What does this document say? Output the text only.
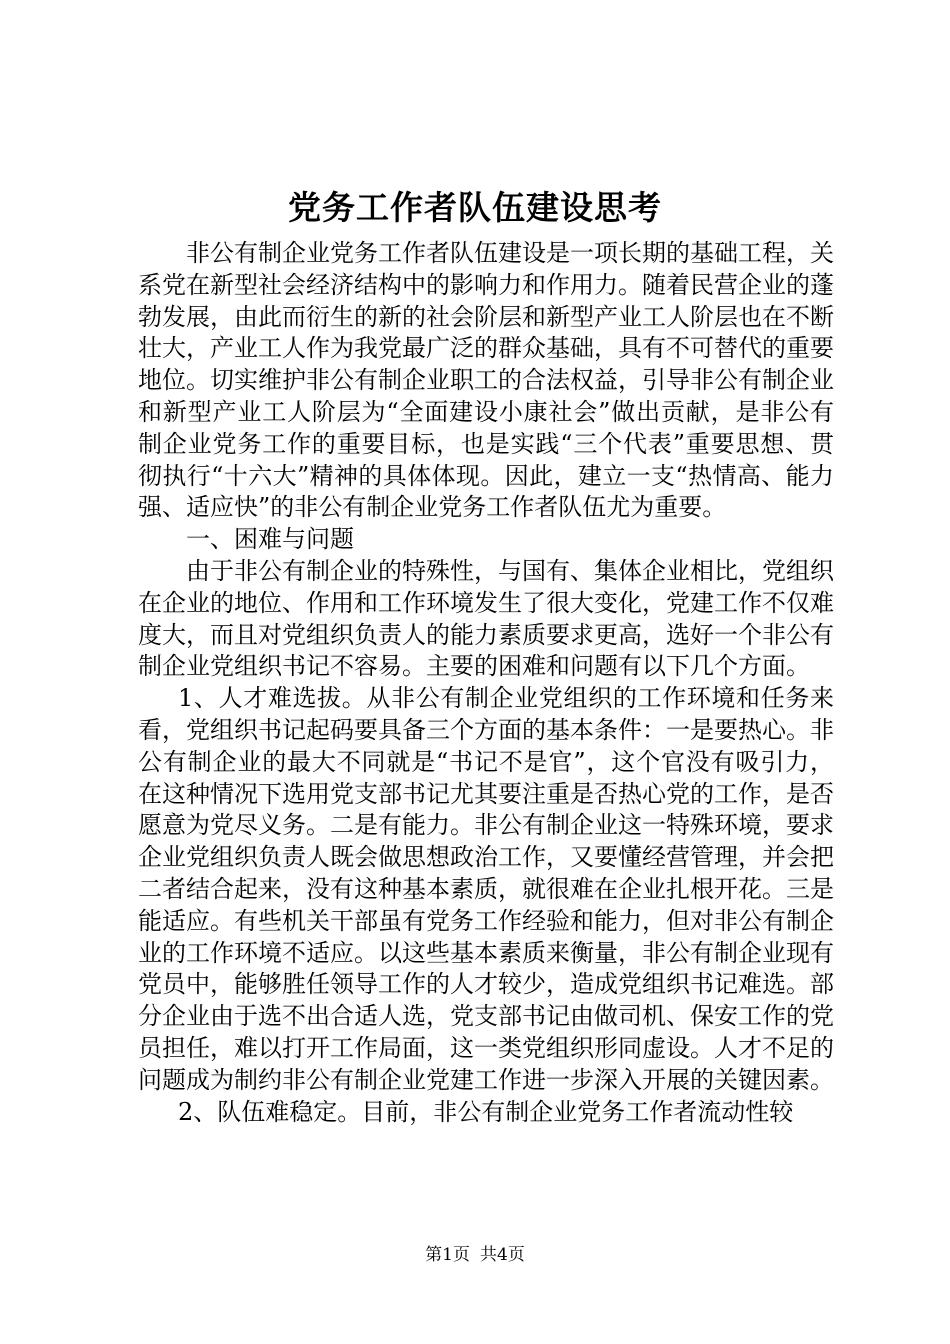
党务工作者队伍建设思考

非公有制企业党务工作者队伍建设是一项长期的基础工程，关系党在新型社会经济结构中的影响力和作用力。随着民营企业的蓬勃发展，由此而衍生的新的社会阶层和新型产业工人阶层也在不断壮大，产业工人作为我党最广泛的群众基础，具有不可替代的重要地位。切实维护非公有制企业职工的合法权益，引导非公有制企业和新型产业工人阶层为“全面建设小康社会”做出贡献，是非公有制企业党务工作的重要目标，也是实践“三个代表”重要思想、贯彻执行“十六大”精神的具体体现。因此，建立一支“热情高、能力强、适应快”的非公有制企业党务工作者队伍尤为重要。

一、困难与问题

由于非公有制企业的特殊性，与国有、集体企业相比，党组织在企业的地位、作用和工作环境发生了很大变化，党建工作不仅难度大，而且对党组织负责人的能力素质要求更高，选好一个非公有制企业党组织书记不容易。主要的困难和问题有以下几个方面。

1、人才难选拔。从非公有制企业党组织的工作环境和任务来看，党组织书记起码要具备三个方面的基本条件：一是要热心。非公有制企业的最大不同就是“书记不是官”，这个官没有吸引力，在这种情况下选用党支部书记尤其要注重是否热心党的工作，是否愿意为党尽义务。二是有能力。非公有制企业这一特殊环境，要求企业党组织负责人既会做思想政治工作，又要懂经营管理，并会把二者结合起来，没有这种基本素质，就很难在企业扎根开花。三是能适应。有些机关干部虽有党务工作经验和能力，但对非公有制企业的工作环境不适应。以这些基本素质来衡量，非公有制企业现有党员中，能够胜任领导工作的人才较少，造成党组织书记难选。部分企业由于选不出合适人选，党支部书记由做司机、保安工作的党员担任，难以打开工作局面，这一类党组织形同虚设。人才不足的问题成为制约非公有制企业党建工作进一步深入开展的关键因素。

2、队伍难稳定。目前，非公有制企业党务工作者流动性较

第1页 共4页
